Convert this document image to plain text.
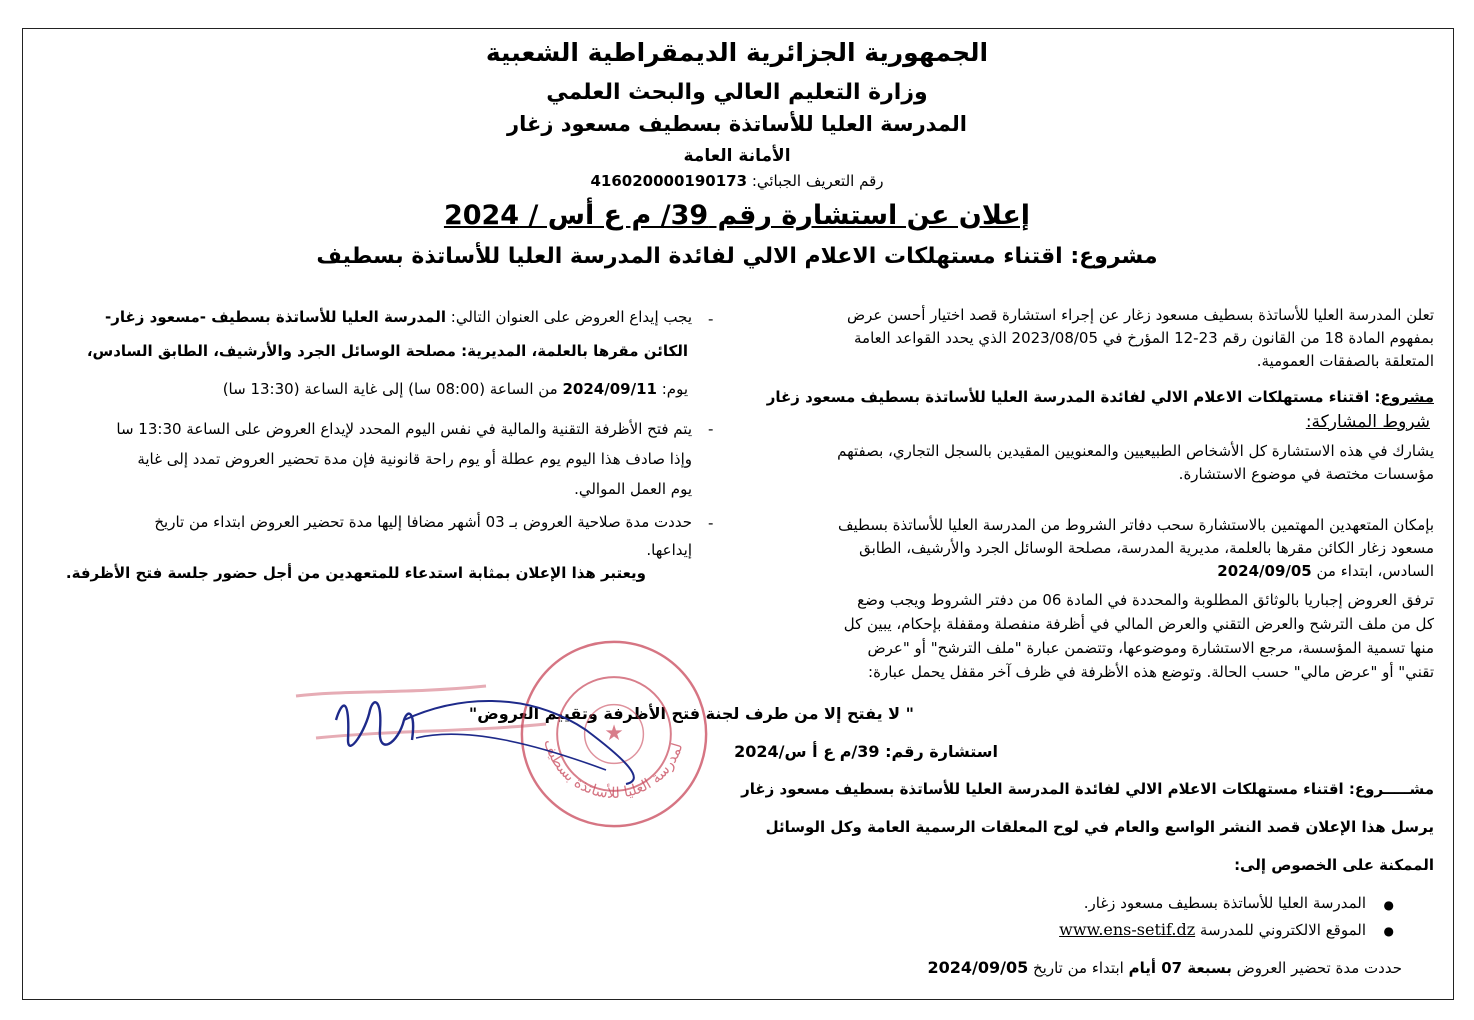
الجمهورية الجزائرية الديمقراطية الشعبية
وزارة التعليم العالي والبحث العلمي
المدرسة العليا للأساتذة بسطيف مسعود زغار
الأمانة العامة
رقم التعريف الجبائي: 416020000190173
إعلان عن استشارة رقم 39/ م ع أس / 2024
مشروع: اقتناء مستهلكات الاعلام الالي لفائدة المدرسة العليا للأساتذة بسطيف

تعلن المدرسة العليا للأساتذة بسطيف مسعود زغار عن إجراء استشارة قصد اختيار أحسن عرض

بمفهوم المادة 18 من القانون رقم 23-12 المؤرخ في 2023/08/05 الذي يحدد القواعد العامة

المتعلقة بالصفقات العمومية.

مشروع: اقتناء مستهلكات الاعلام الالي لفائدة المدرسة العليا للأساتذة بسطيف مسعود زغار
شروط المشاركة:

يشارك في هذه الاستشارة كل الأشخاص الطبيعيين والمعنويين المقيدين بالسجل التجاري، بصفتهم

مؤسسات مختصة في موضوع الاستشارة.

بإمكان المتعهدين المهتمين بالاستشارة سحب دفاتر الشروط من المدرسة العليا للأساتذة بسطيف

مسعود زغار الكائن مقرها بالعلمة، مديرية المدرسة، مصلحة الوسائل الجرد والأرشيف، الطابق

السادس، ابتداء من 2024/09/05

ترفق العروض إجباريا بالوثائق المطلوبة والمحددة في المادة 06 من دفتر الشروط ويجب وضع

كل من ملف الترشح والعرض التقني والعرض المالي في أظرفة منفصلة ومقفلة بإحكام، يبين كل

منها تسمية المؤسسة، مرجع الاستشارة وموضوعها، وتتضمن عبارة "ملف الترشح" أو "عرض

تقني" أو "عرض مالي" حسب الحالة. وتوضع هذه الأظرفة في ظرف آخر مقفل يحمل عبارة:

" لا يفتح إلا من طرف لجنة فتح الأظرفة وتقييم العروض"
استشارة رقم: 39/م ع أ س/2024
مشـــــروع: اقتناء مستهلكات الاعلام الالي لفائدة المدرسة العليا للأساتذة بسطيف مسعود زغار
يرسل هذا الإعلان قصد النشر الواسع والعام في لوح المعلقات الرسمية العامة وكل الوسائل
الممكنة على الخصوص إلى:
●
المدرسة العليا للأساتذة بسطيف مسعود زغار.
●
الموقع الالكتروني للمدرسة www.ens-setif.dz
حددت مدة تحضير العروض بسبعة 07 أيام ابتداء من تاريخ 2024/09/05
-
يجب إيداع العروض على العنوان التالي: المدرسة العليا للأساتذة بسطيف -مسعود زغار-
الكائن مقرها بالعلمة، المديرية: مصلحة الوسائل الجرد والأرشيف، الطابق السادس،
يوم: 2024/09/11 من الساعة (08:00 سا) إلى غاية الساعة (13:30 سا)
-

يتم فتح الأظرفة التقنية والمالية في نفس اليوم المحدد لإيداع العروض على الساعة 13:30 سا

وإذا صادف هذا اليوم يوم عطلة أو يوم راحة قانونية فإن مدة تحضير العروض تمدد إلى غاية

يوم العمل الموالي.

-

حددت مدة صلاحية العروض بـ 03 أشهر مضافا إليها مدة تحضير العروض ابتداء من تاريخ

إيداعها.

ويعتبر هذا الإعلان بمثابة استدعاء للمتعهدين من أجل حضور جلسة فتح الأظرفة.
لمدرسة العليا للأساتذة بسطيف
★
